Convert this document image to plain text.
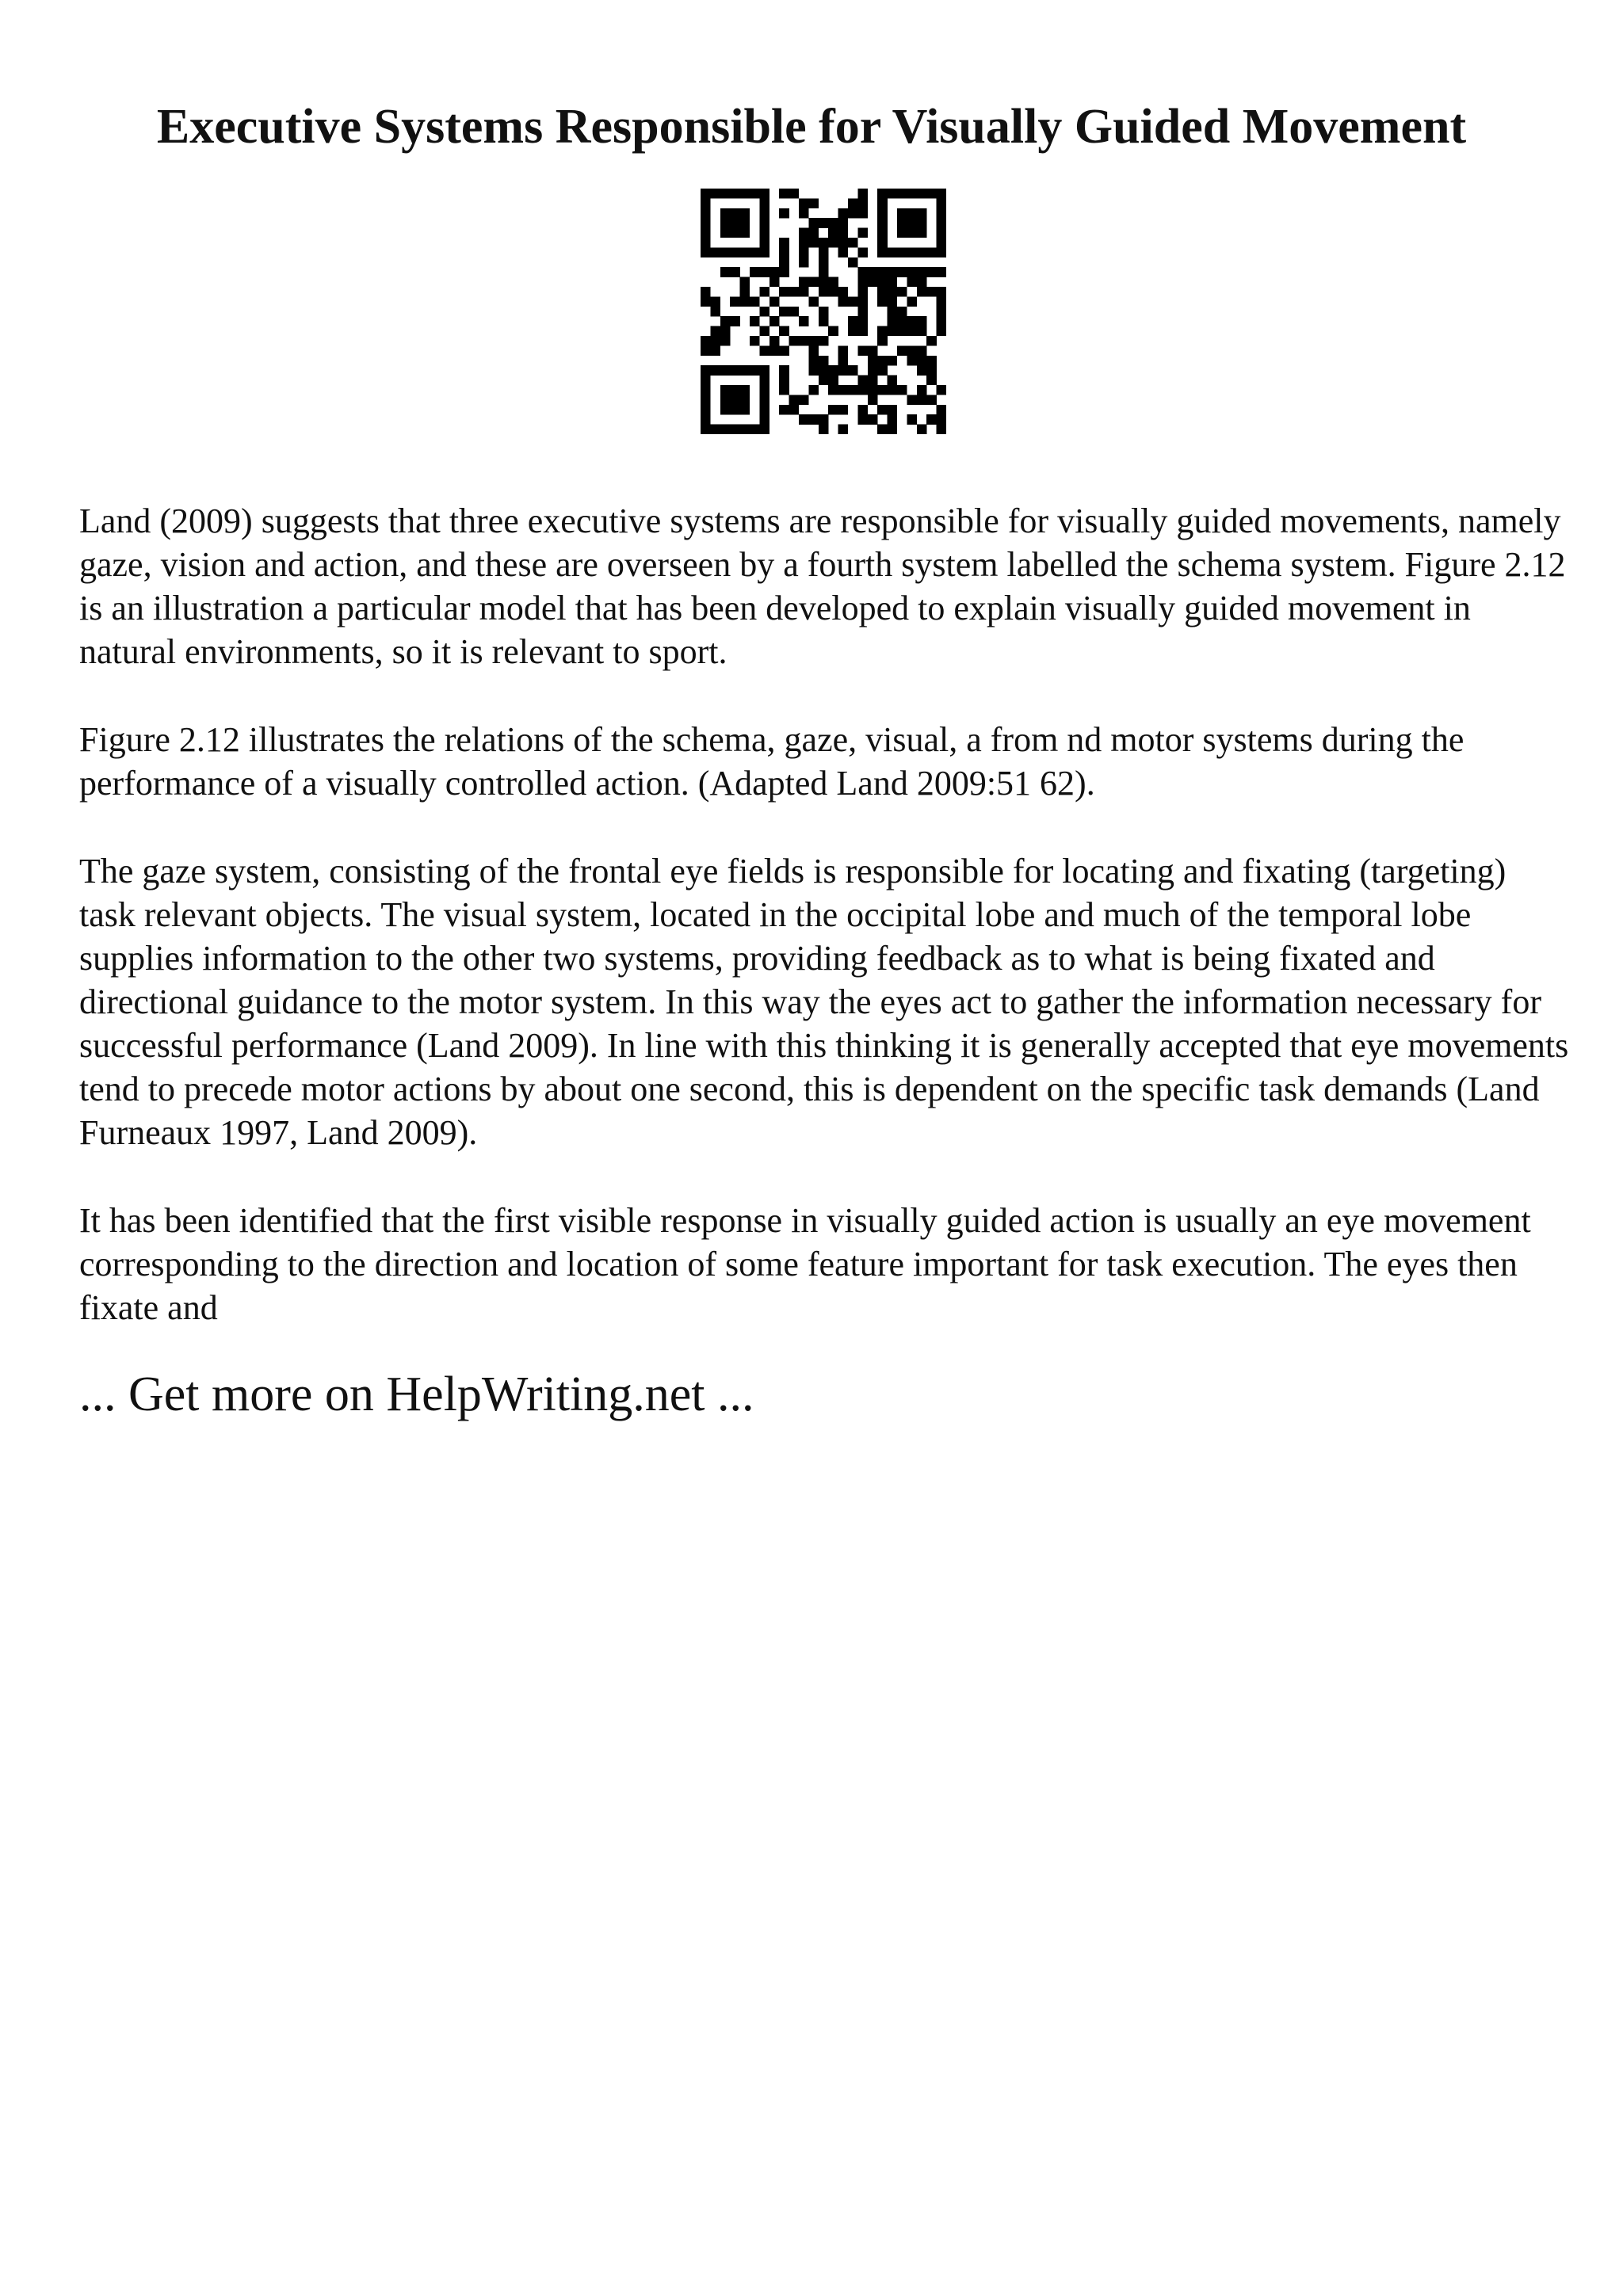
Executive Systems Responsible for Visually Guided Movement

Land (2009) suggests that three executive systems are responsible for visually guided movements, namely gaze, vision and action, and these are overseen by a fourth system labelled the schema system. Figure 2.12 is an illustration a particular model that has been developed to explain visually guided movement in natural environments, so it is relevant to sport.

Figure 2.12 illustrates the relations of the schema, gaze, visual, a from nd motor systems during the performance of a visually controlled action. (Adapted Land 2009:51 62).

The gaze system, consisting of the frontal eye fields is responsible for locating and fixating (targeting) task relevant objects. The visual system, located in the occipital lobe and much of the temporal lobe supplies information to the other two systems, providing feedback as to what is being fixated and directional guidance to the motor system. In this way the eyes act to gather the information necessary for successful performance (Land 2009). In line with this thinking it is generally accepted that eye movements tend to precede motor actions by about one second, this is dependent on the specific task demands (Land Furneaux 1997, Land 2009).

It has been identified that the first visible response in visually guided action is usually an eye movement corresponding to the direction and location of some feature important for task execution. The eyes then fixate and

... Get more on HelpWriting.net ...
